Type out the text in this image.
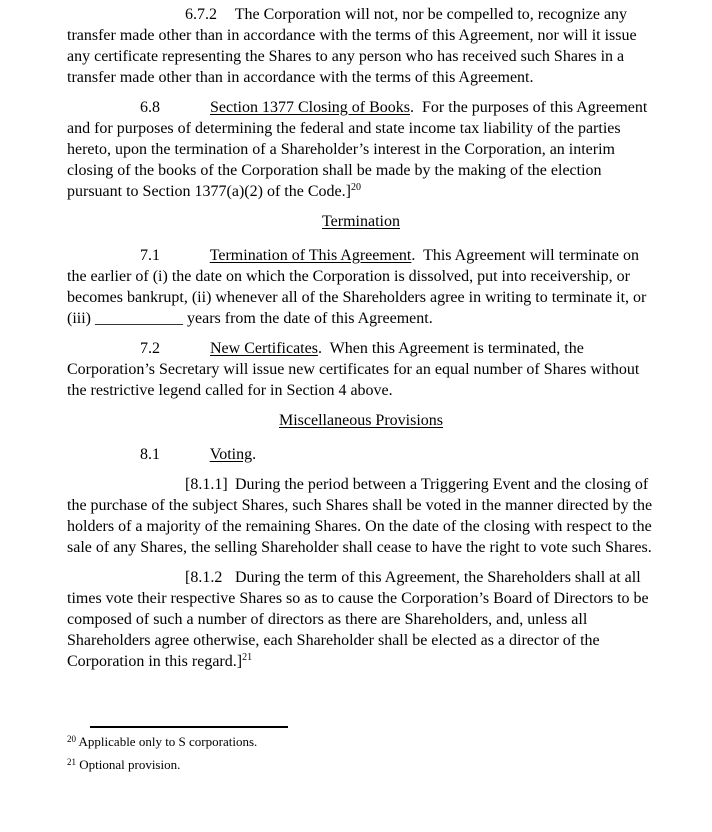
6.7.2 The Corporation will not, nor be compelled to, recognize any transfer made other than in accordance with the terms of this Agreement, nor will it issue any certificate representing the Shares to any person who has received such Shares in a transfer made other than in accordance with the terms of this Agreement.
6.8	Section 1377 Closing of Books.  For the purposes of this Agreement and for purposes of determining the federal and state income tax liability of the parties hereto, upon the termination of a Shareholder’s interest in the Corporation, an interim closing of the books of the Corporation shall be made by the making of the election pursuant to Section 1377(a)(2) of the Code.]$^{20}$
Termination
7.1	Termination of This Agreement.  This Agreement will terminate on the earlier of (i) the date on which the Corporation is dissolved, put into receivership, or becomes bankrupt, (ii) whenever all of the Shareholders agree in writing to terminate it, or (iii) ___________ years from the date of this Agreement.
7.2	New Certificates.  When this Agreement is terminated, the Corporation’s Secretary will issue new certificates for an equal number of Shares without the restrictive legend called for in Section 4 above.
Miscellaneous Provisions
8.1	Voting.
[8.1.1] During the period between a Triggering Event and the closing of the purchase of the subject Shares, such Shares shall be voted in the manner directed by the holders of a majority of the remaining Shares. On the date of the closing with respect to the sale of any Shares, the selling Shareholder shall cease to have the right to vote such Shares.
[8.1.2 During the term of this Agreement, the Shareholders shall at all times vote their respective Shares so as to cause the Corporation’s Board of Directors to be composed of such a number of directors as there are Shareholders, and, unless all Shareholders agree otherwise, each Shareholder shall be elected as a director of the Corporation in this regard.]$^{21}$
$^{20}$ Applicable only to S corporations.
$^{21}$ Optional provision.
